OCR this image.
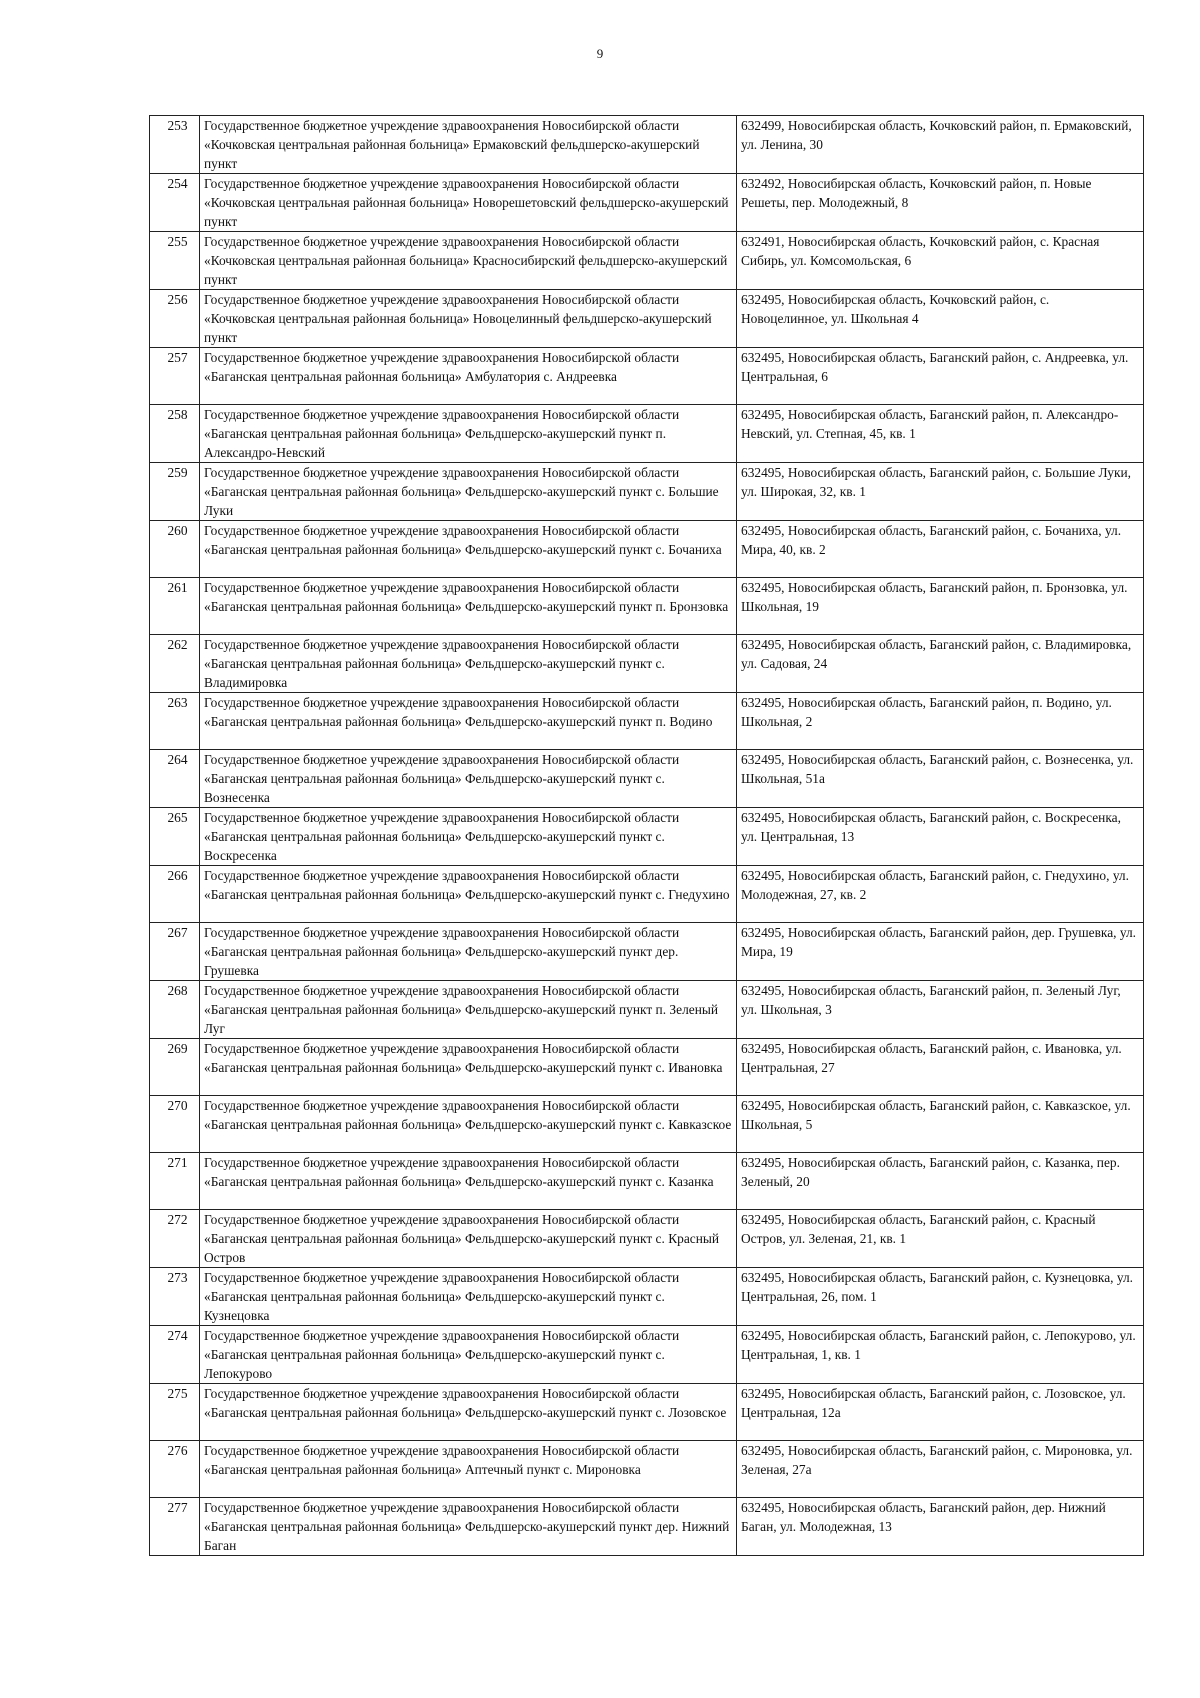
9
253	Государственное бюджетное учреждение здравоохранения Новосибирской области «Кочковская центральная районная больница» Ермаковский фельдшерско-акушерский пункт	632499, Новосибирская область, Кочковский район, п. Ермаковский, ул. Ленина, 30
254	Государственное бюджетное учреждение здравоохранения Новосибирской области «Кочковская центральная районная больница» Новорешетовский фельдшерско-акушерский пункт	632492, Новосибирская область, Кочковский район, п. Новые Решеты, пер. Молодежный, 8
255	Государственное бюджетное учреждение здравоохранения Новосибирской области «Кочковская центральная районная больница» Красносибирский фельдшерско-акушерский пункт	632491, Новосибирская область, Кочковский район, с. Красная Сибирь, ул. Комсомольская, 6
256	Государственное бюджетное учреждение здравоохранения Новосибирской области «Кочковская центральная районная больница» Новоцелинный фельдшерско-акушерский пункт	632495, Новосибирская область, Кочковский район, с. Новоцелинное, ул. Школьная 4
257	Государственное бюджетное учреждение здравоохранения Новосибирской области «Баганская центральная районная больница» Амбулатория с. Андреевка	632495, Новосибирская область, Баганский район, с. Андреевка, ул. Центральная, 6
258	Государственное бюджетное учреждение здравоохранения Новосибирской области «Баганская центральная районная больница» Фельдшерско-акушерский пункт п. Александро-Невский	632495, Новосибирская область, Баганский район, п. Александро-Невский, ул. Степная, 45, кв. 1
259	Государственное бюджетное учреждение здравоохранения Новосибирской области «Баганская центральная районная больница» Фельдшерско-акушерский пункт с. Большие Луки	632495, Новосибирская область, Баганский район, с. Большие Луки, ул. Широкая, 32, кв. 1
260	Государственное бюджетное учреждение здравоохранения Новосибирской области «Баганская центральная районная больница» Фельдшерско-акушерский пункт с. Бочаниха	632495, Новосибирская область, Баганский район, с. Бочаниха, ул. Мира, 40, кв. 2
261	Государственное бюджетное учреждение здравоохранения Новосибирской области «Баганская центральная районная больница» Фельдшерско-акушерский пункт п. Бронзовка	632495, Новосибирская область, Баганский район, п. Бронзовка, ул. Школьная, 19
262	Государственное бюджетное учреждение здравоохранения Новосибирской области «Баганская центральная районная больница» Фельдшерско-акушерский пункт с. Владимировка	632495, Новосибирская область, Баганский район, с. Владимировка, ул. Садовая, 24
263	Государственное бюджетное учреждение здравоохранения Новосибирской области «Баганская центральная районная больница» Фельдшерско-акушерский пункт п. Водино	632495, Новосибирская область, Баганский район, п. Водино, ул. Школьная, 2
264	Государственное бюджетное учреждение здравоохранения Новосибирской области «Баганская центральная районная больница» Фельдшерско-акушерский пункт с. Вознесенка	632495, Новосибирская область, Баганский район, с. Вознесенка, ул. Школьная, 51а
265	Государственное бюджетное учреждение здравоохранения Новосибирской области «Баганская центральная районная больница» Фельдшерско-акушерский пункт с. Воскресенка	632495, Новосибирская область, Баганский район, с. Воскресенка, ул. Центральная, 13
266	Государственное бюджетное учреждение здравоохранения Новосибирской области «Баганская центральная районная больница» Фельдшерско-акушерский пункт с. Гнедухино	632495, Новосибирская область, Баганский район, с. Гнедухино, ул. Молодежная, 27, кв. 2
267	Государственное бюджетное учреждение здравоохранения Новосибирской области «Баганская центральная районная больница» Фельдшерско-акушерский пункт дер. Грушевка	632495, Новосибирская область, Баганский район, дер. Грушевка, ул. Мира, 19
268	Государственное бюджетное учреждение здравоохранения Новосибирской области «Баганская центральная районная больница» Фельдшерско-акушерский пункт п. Зеленый Луг	632495, Новосибирская область, Баганский район, п. Зеленый Луг, ул. Школьная, 3
269	Государственное бюджетное учреждение здравоохранения Новосибирской области «Баганская центральная районная больница» Фельдшерско-акушерский пункт с. Ивановка	632495, Новосибирская область, Баганский район, с. Ивановка, ул. Центральная, 27
270	Государственное бюджетное учреждение здравоохранения Новосибирской области «Баганская центральная районная больница» Фельдшерско-акушерский пункт с. Кавказское	632495, Новосибирская область, Баганский район, с. Кавказское, ул. Школьная, 5
271	Государственное бюджетное учреждение здравоохранения Новосибирской области «Баганская центральная районная больница» Фельдшерско-акушерский пункт с. Казанка	632495, Новосибирская область, Баганский район, с. Казанка, пер. Зеленый, 20
272	Государственное бюджетное учреждение здравоохранения Новосибирской области «Баганская центральная районная больница» Фельдшерско-акушерский пункт с. Красный Остров	632495, Новосибирская область, Баганский район, с. Красный Остров, ул. Зеленая, 21, кв. 1
273	Государственное бюджетное учреждение здравоохранения Новосибирской области «Баганская центральная районная больница» Фельдшерско-акушерский пункт с. Кузнецовка	632495, Новосибирская область, Баганский район, с. Кузнецовка, ул. Центральная, 26, пом. 1
274	Государственное бюджетное учреждение здравоохранения Новосибирской области «Баганская центральная районная больница» Фельдшерско-акушерский пункт с. Лепокурово	632495, Новосибирская область, Баганский район, с. Лепокурово, ул. Центральная, 1, кв. 1
275	Государственное бюджетное учреждение здравоохранения Новосибирской области «Баганская центральная районная больница» Фельдшерско-акушерский пункт с. Лозовское	632495, Новосибирская область, Баганский район, с. Лозовское, ул. Центральная, 12а
276	Государственное бюджетное учреждение здравоохранения Новосибирской области «Баганская центральная районная больница» Аптечный пункт с. Мироновка	632495, Новосибирская область, Баганский район, с. Мироновка, ул. Зеленая, 27а
277	Государственное бюджетное учреждение здравоохранения Новосибирской области «Баганская центральная районная больница» Фельдшерско-акушерский пункт дер. Нижний Баган	632495, Новосибирская область, Баганский район, дер. Нижний Баган, ул. Молодежная, 13
